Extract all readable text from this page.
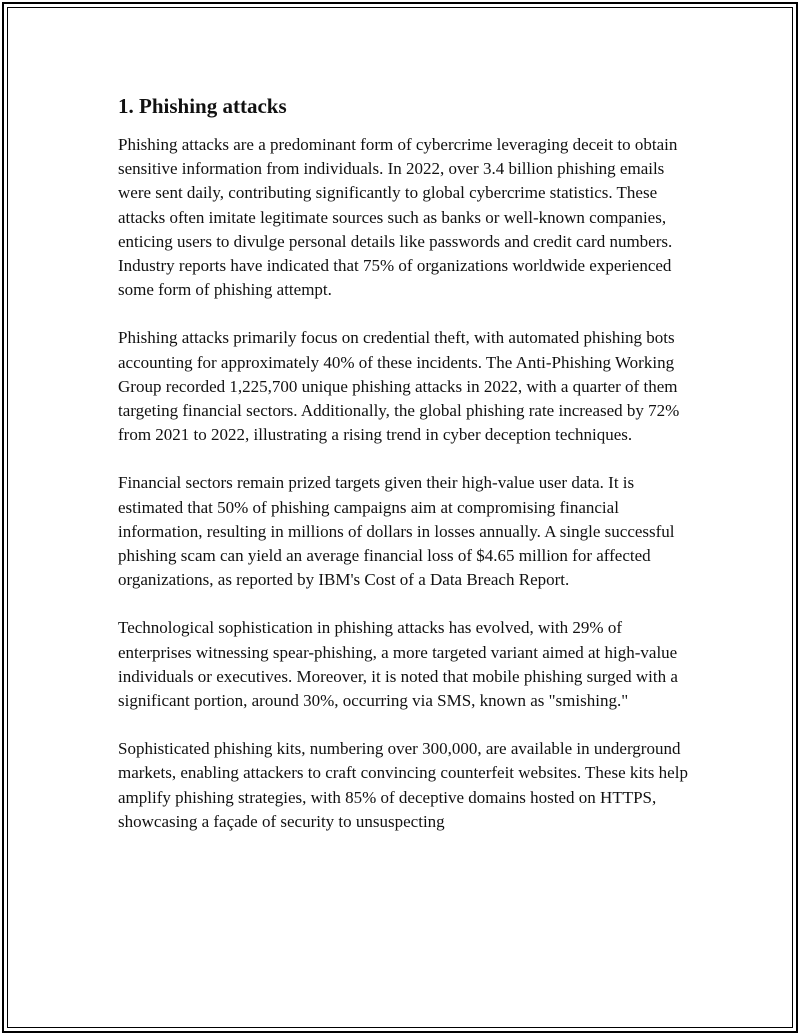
1. Phishing attacks

Phishing attacks are a predominant form of cybercrime leveraging deceit to obtain sensitive information from individuals. In 2022, over 3.4 billion phishing emails were sent daily, contributing significantly to global cybercrime statistics. These attacks often imitate legitimate sources such as banks or well-known companies, enticing users to divulge personal details like passwords and credit card numbers. Industry reports have indicated that 75% of organizations worldwide experienced some form of phishing attempt.

Phishing attacks primarily focus on credential theft, with automated phishing bots accounting for approximately 40% of these incidents. The Anti-Phishing Working Group recorded 1,225,700 unique phishing attacks in 2022, with a quarter of them targeting financial sectors. Additionally, the global phishing rate increased by 72% from 2021 to 2022, illustrating a rising trend in cyber deception techniques.

Financial sectors remain prized targets given their high-value user data. It is estimated that 50% of phishing campaigns aim at compromising financial information, resulting in millions of dollars in losses annually. A single successful phishing scam can yield an average financial loss of $4.65 million for affected organizations, as reported by IBM's Cost of a Data Breach Report.

Technological sophistication in phishing attacks has evolved, with 29% of enterprises witnessing spear-phishing, a more targeted variant aimed at high-value individuals or executives. Moreover, it is noted that mobile phishing surged with a significant portion, around 30%, occurring via SMS, known as "smishing."

Sophisticated phishing kits, numbering over 300,000, are available in underground markets, enabling attackers to craft convincing counterfeit websites. These kits help amplify phishing strategies, with 85% of deceptive domains hosted on HTTPS, showcasing a façade of security to unsuspecting
